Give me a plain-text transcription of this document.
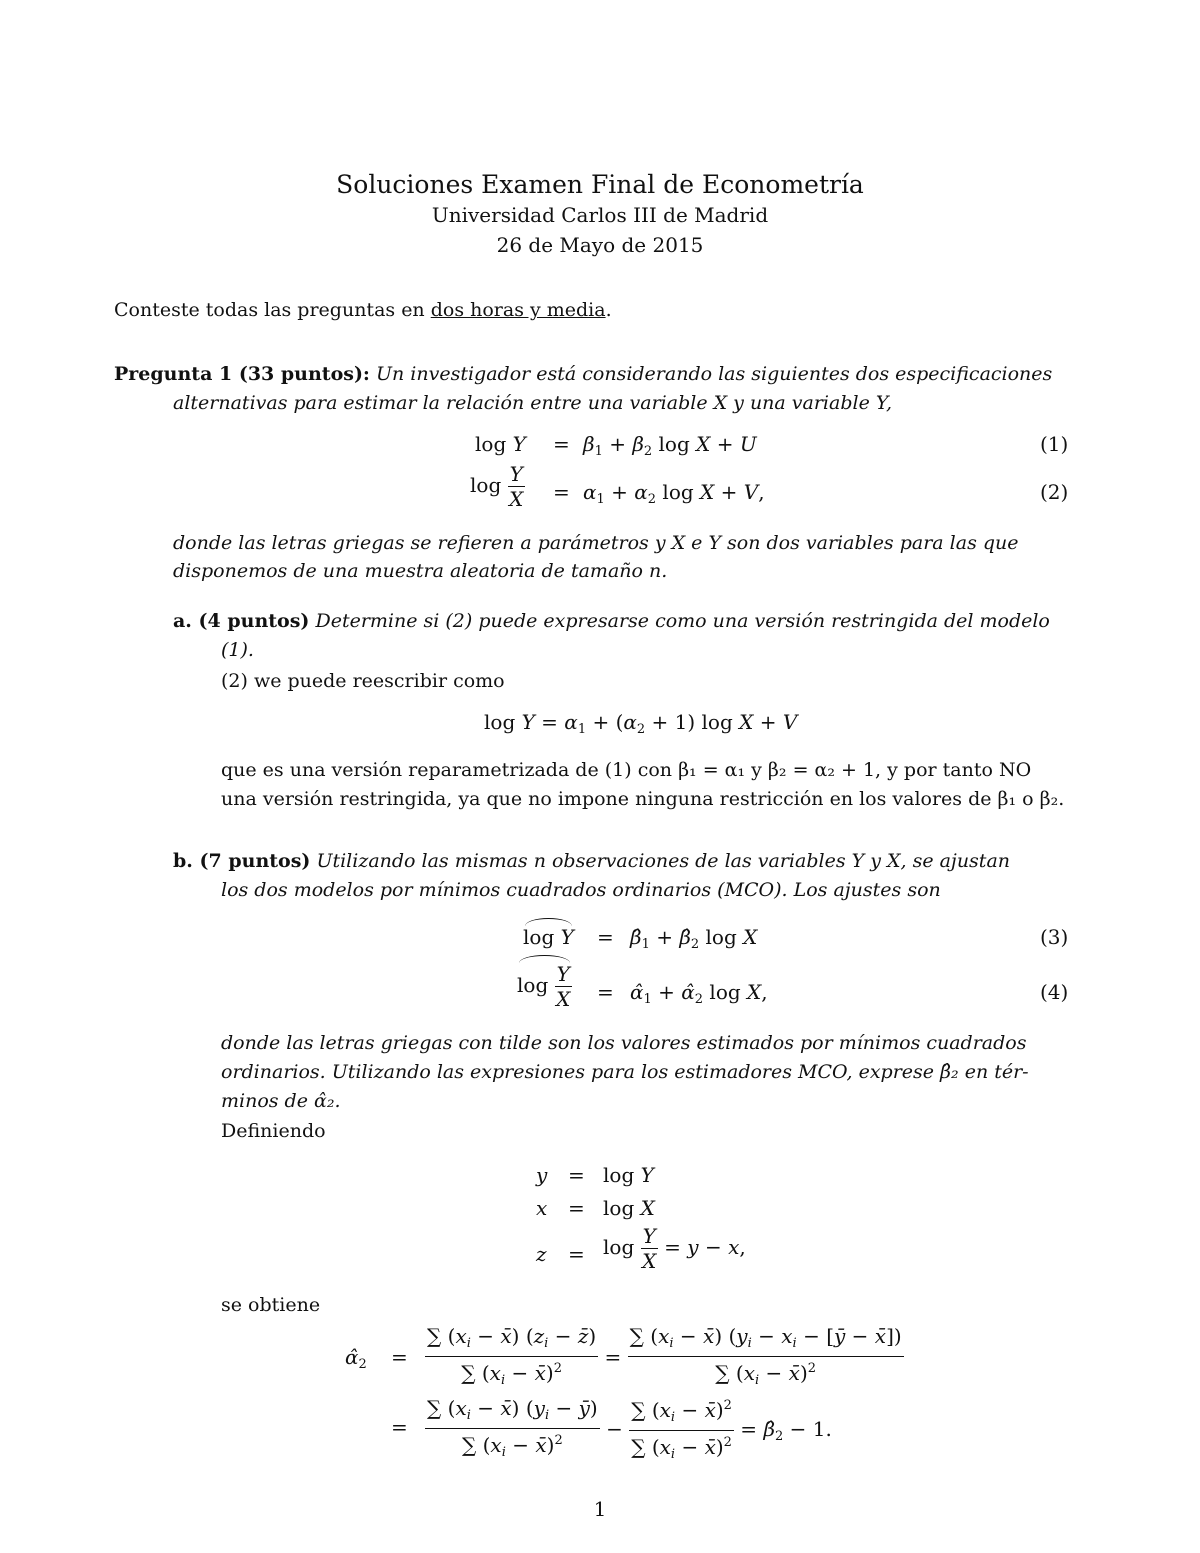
Soluciones Examen Final de Econometría
Universidad Carlos III de Madrid
26 de Mayo de 2015
Conteste todas las preguntas en dos horas y media.
Pregunta 1 (33 puntos): Un investigador está considerando las siguientes dos especificaciones
alternativas para estimar la relación entre una variable X y una variable Y,
$\log Y = \beta_1 + \beta_2$ log X + U	(1)
$\log \frac{Y}{X} = \alpha_1 + \alpha_2$ log X + V,	(2)
donde las letras griegas se refieren a parámetros y X e Y son dos variables para las que
disponemos de una muestra aleatoria de tamaño n.
a. (4 puntos) Determine si (2) puede expresarse como una versión restringida del modelo
(1).
(2) we puede reescribir como
$\log Y = \alpha_1 + (\alpha_2 + 1)$ log X + V
que es una versión reparametrizada de (1) con β₁ = α₁ y β₂ = α₂ + 1, y por tanto NO
una versión restringida, ya que no impone ninguna restricción en los valores de β₁ o β₂.
b. (7 puntos) Utilizando las mismas n observaciones de las variables Y y X, se ajustan
los dos modelos por mínimos cuadrados ordinarios (MCO). Los ajustes son
$\log Y = \betâ_1$ + $\betâ_2$ log X	(3)
$\log \frac{Y}{X}$ = $\alphâ_1$ + $\alphâ_2$ log X,	(4)
donde las letras griegas con tilde son los valores estimados por mínimos cuadrados
ordinarios. Utilizando las expresiones para los estimadores MCO, exprese β̂₂ en tér-
minos de α̂₂.
Definiendo
y = log Y
x = log X
$z = \log \frac{Y}{X} = y - x$,
se obtiene
$\alphâ_2 = \frac{\sum (x_i - x̄) (z_i - z̄)}{\sum (x_i - x̄)^2} = \frac{\sum (x_i - x̄) (y_i - x_i - [ȳ - x̄])}{\sum (x_i - x̄)^2}$
= $\frac{\sum (x_i - x̄) (y_i - ȳ)}{\sum (x_i - x̄)^2} - \frac{\sum (x_i - x̄)^2}{\sum (x_i - x̄)^2}$ = $\betâ_2 - 1$.
1
